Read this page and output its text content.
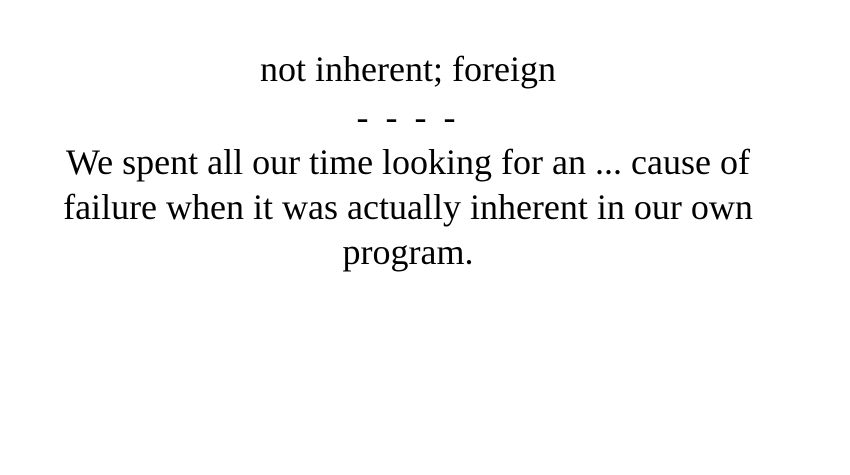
not inherent; foreign
- - - -

We spent all our time looking for an ... cause of failure when it was actually inherent in our own program.
